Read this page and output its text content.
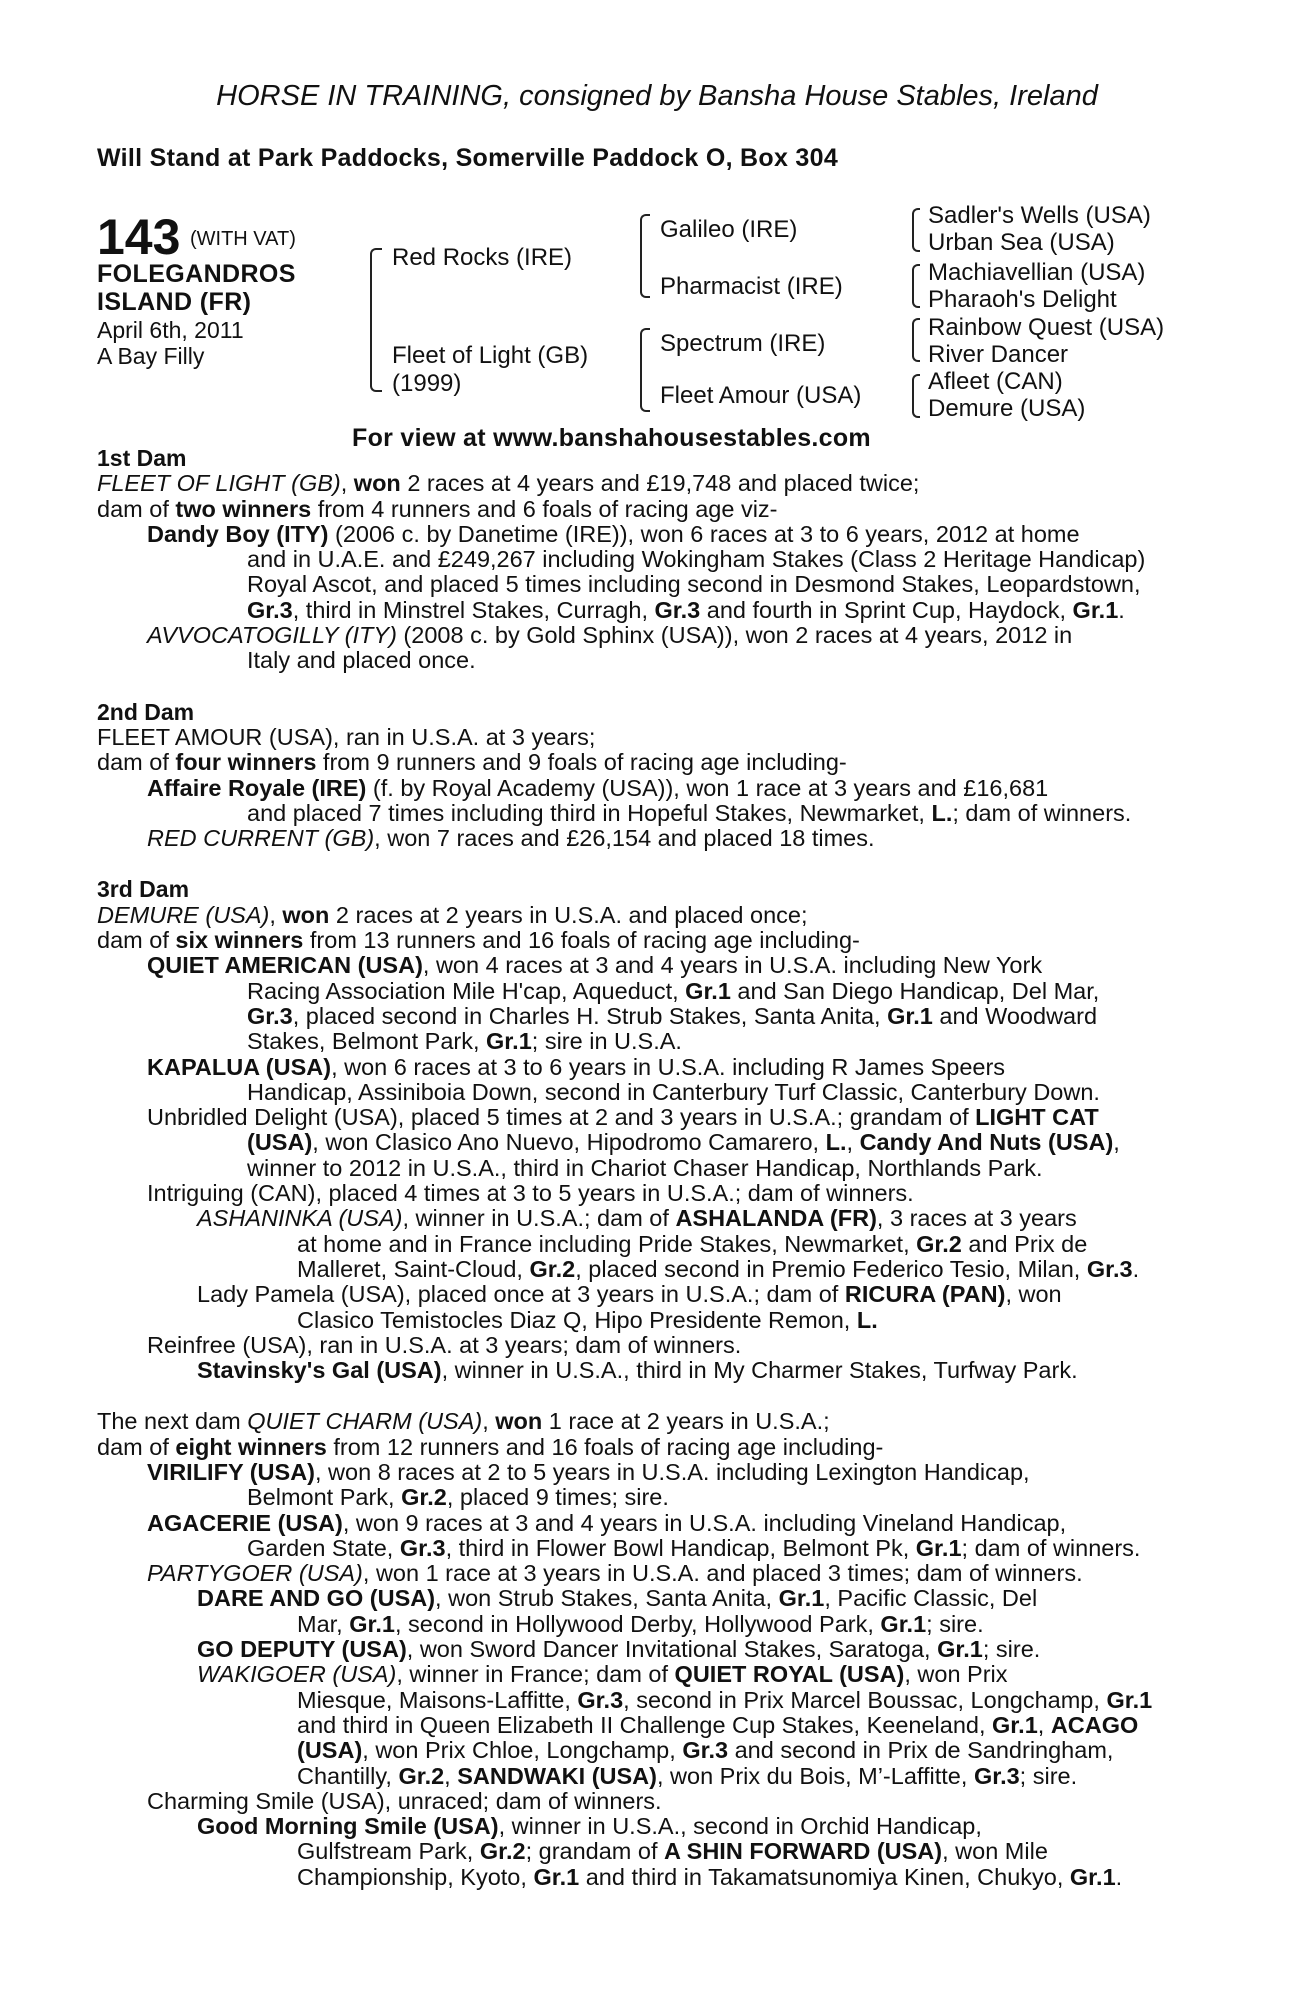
HORSE IN TRAINING, consigned by Bansha House Stables, Ireland
Will Stand at Park Paddocks, Somerville Paddock O, Box 304
143 (WITH VAT)
FOLEGANDROS
ISLAND (FR)
April 6th, 2011
A Bay Filly
Red Rocks (IRE)
Fleet of Light (GB)
(1999)
Galileo (IRE)
Pharmacist (IRE)
Spectrum (IRE)
Fleet Amour (USA)
Sadler's Wells (USA)
Urban Sea (USA)
Machiavellian (USA)
Pharaoh's Delight
Rainbow Quest (USA)
River Dancer
Afleet (CAN)
Demure (USA)
For view at www.banshahousestables.com
1st Dam
FLEET OF LIGHT (GB), won 2 races at 4 years and £19,748 and placed twice;
dam of two winners from 4 runners and 6 foals of racing age viz-
Dandy Boy (ITY) (2006 c. by Danetime (IRE)), won 6 races at 3 to 6 years, 2012 at home
and in U.A.E. and £249,267 including Wokingham Stakes (Class 2 Heritage Handicap)
Royal Ascot, and placed 5 times including second in Desmond Stakes, Leopardstown,
Gr.3, third in Minstrel Stakes, Curragh, Gr.3 and fourth in Sprint Cup, Haydock, Gr.1.
AVVOCATOGILLY (ITY) (2008 c. by Gold Sphinx (USA)), won 2 races at 4 years, 2012 in
Italy and placed once.
2nd Dam
FLEET AMOUR (USA), ran in U.S.A. at 3 years;
dam of four winners from 9 runners and 9 foals of racing age including-
Affaire Royale (IRE) (f. by Royal Academy (USA)), won 1 race at 3 years and £16,681
and placed 7 times including third in Hopeful Stakes, Newmarket, L.; dam of winners.
RED CURRENT (GB), won 7 races and £26,154 and placed 18 times.
3rd Dam
DEMURE (USA), won 2 races at 2 years in U.S.A. and placed once;
dam of six winners from 13 runners and 16 foals of racing age including-
QUIET AMERICAN (USA), won 4 races at 3 and 4 years in U.S.A. including New York
Racing Association Mile H'cap, Aqueduct, Gr.1 and San Diego Handicap, Del Mar,
Gr.3, placed second in Charles H. Strub Stakes, Santa Anita, Gr.1 and Woodward
Stakes, Belmont Park, Gr.1; sire in U.S.A.
KAPALUA (USA), won 6 races at 3 to 6 years in U.S.A. including R James Speers
Handicap, Assiniboia Down, second in Canterbury Turf Classic, Canterbury Down.
Unbridled Delight (USA), placed 5 times at 2 and 3 years in U.S.A.; grandam of LIGHT CAT
(USA), won Clasico Ano Nuevo, Hipodromo Camarero, L., Candy And Nuts (USA),
winner to 2012 in U.S.A., third in Chariot Chaser Handicap, Northlands Park.
Intriguing (CAN), placed 4 times at 3 to 5 years in U.S.A.; dam of winners.
ASHANINKA (USA), winner in U.S.A.; dam of ASHALANDA (FR), 3 races at 3 years
at home and in France including Pride Stakes, Newmarket, Gr.2 and Prix de
Malleret, Saint-Cloud, Gr.2, placed second in Premio Federico Tesio, Milan, Gr.3.
Lady Pamela (USA), placed once at 3 years in U.S.A.; dam of RICURA (PAN), won
Clasico Temistocles Diaz Q, Hipo Presidente Remon, L.
Reinfree (USA), ran in U.S.A. at 3 years; dam of winners.
Stavinsky's Gal (USA), winner in U.S.A., third in My Charmer Stakes, Turfway Park.
The next dam QUIET CHARM (USA), won 1 race at 2 years in U.S.A.;
dam of eight winners from 12 runners and 16 foals of racing age including-
VIRILIFY (USA), won 8 races at 2 to 5 years in U.S.A. including Lexington Handicap,
Belmont Park, Gr.2, placed 9 times; sire.
AGACERIE (USA), won 9 races at 3 and 4 years in U.S.A. including Vineland Handicap,
Garden State, Gr.3, third in Flower Bowl Handicap, Belmont Pk, Gr.1; dam of winners.
PARTYGOER (USA), won 1 race at 3 years in U.S.A. and placed 3 times; dam of winners.
DARE AND GO (USA), won Strub Stakes, Santa Anita, Gr.1, Pacific Classic, Del
Mar, Gr.1, second in Hollywood Derby, Hollywood Park, Gr.1; sire.
GO DEPUTY (USA), won Sword Dancer Invitational Stakes, Saratoga, Gr.1; sire.
WAKIGOER (USA), winner in France; dam of QUIET ROYAL (USA), won Prix
Miesque, Maisons-Laffitte, Gr.3, second in Prix Marcel Boussac, Longchamp, Gr.1
and third in Queen Elizabeth II Challenge Cup Stakes, Keeneland, Gr.1, ACAGO
(USA), won Prix Chloe, Longchamp, Gr.3 and second in Prix de Sandringham,
Chantilly, Gr.2, SANDWAKI (USA), won Prix du Bois, M’-Laffitte, Gr.3; sire.
Charming Smile (USA), unraced; dam of winners.
Good Morning Smile (USA), winner in U.S.A., second in Orchid Handicap,
Gulfstream Park, Gr.2; grandam of A SHIN FORWARD (USA), won Mile
Championship, Kyoto, Gr.1 and third in Takamatsunomiya Kinen, Chukyo, Gr.1.
